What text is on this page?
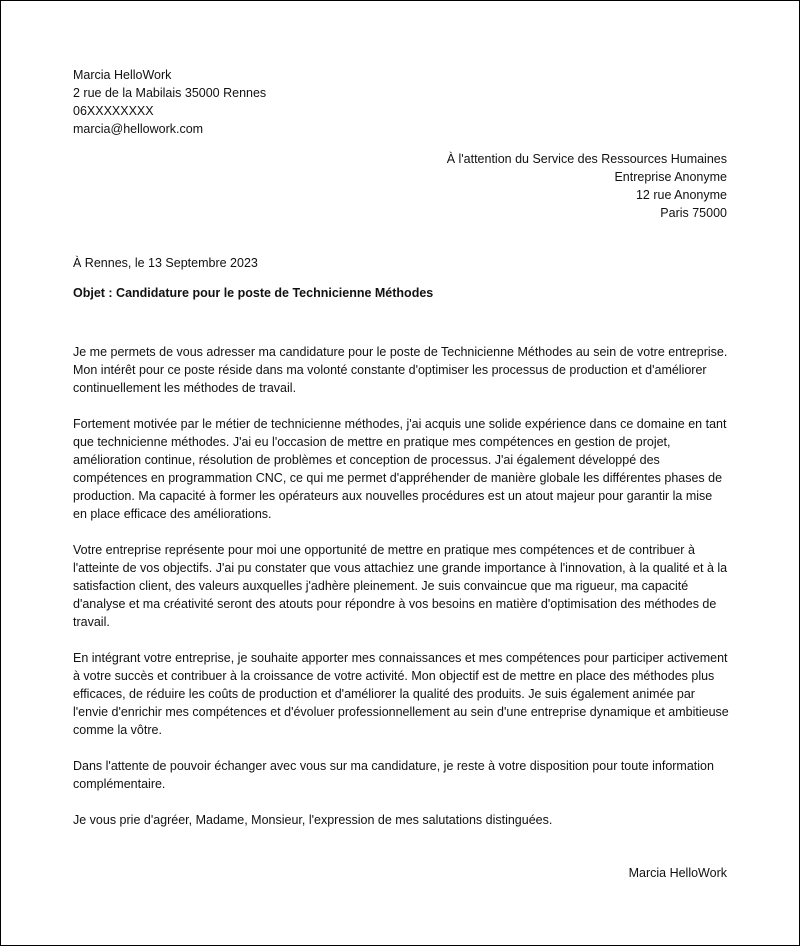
Marcia HelloWork
2 rue de la Mabilais 35000 Rennes
06XXXXXXXX
marcia@hellowork.com
À l'attention du Service des Ressources Humaines
Entreprise Anonyme
12 rue Anonyme
Paris 75000
À Rennes, le 13 Septembre 2023
Objet : Candidature pour le poste de Technicienne Méthodes

Je me permets de vous adresser ma candidature pour le poste de Technicienne Méthodes au sein de votre entreprise. Mon intérêt pour ce poste réside dans ma volonté constante d'optimiser les processus de production et d'améliorer continuellement les méthodes de travail.

Fortement motivée par le métier de technicienne méthodes, j'ai acquis une solide expérience dans ce domaine en tant que technicienne méthodes. J'ai eu l'occasion de mettre en pratique mes compétences en gestion de projet, amélioration continue, résolution de problèmes et conception de processus. J'ai également développé des compétences en programmation CNC, ce qui me permet d'appréhender de manière globale les différentes phases de production. Ma capacité à former les opérateurs aux nouvelles procédures est un atout majeur pour garantir la mise en place efficace des améliorations.

Votre entreprise représente pour moi une opportunité de mettre en pratique mes compétences et de contribuer à l'atteinte de vos objectifs. J'ai pu constater que vous attachiez une grande importance à l'innovation, à la qualité et à la satisfaction client, des valeurs auxquelles j'adhère pleinement. Je suis convaincue que ma rigueur, ma capacité d'analyse et ma créativité seront des atouts pour répondre à vos besoins en matière d'optimisation des méthodes de travail.

En intégrant votre entreprise, je souhaite apporter mes connaissances et mes compétences pour participer activement à votre succès et contribuer à la croissance de votre activité. Mon objectif est de mettre en place des méthodes plus efficaces, de réduire les coûts de production et d'améliorer la qualité des produits. Je suis également animée par l'envie d'enrichir mes compétences et d'évoluer professionnellement au sein d'une entreprise dynamique et ambitieuse comme la vôtre.

Dans l'attente de pouvoir échanger avec vous sur ma candidature, je reste à votre disposition pour toute information complémentaire.

Je vous prie d'agréer, Madame, Monsieur, l'expression de mes salutations distinguées.

Marcia HelloWork
